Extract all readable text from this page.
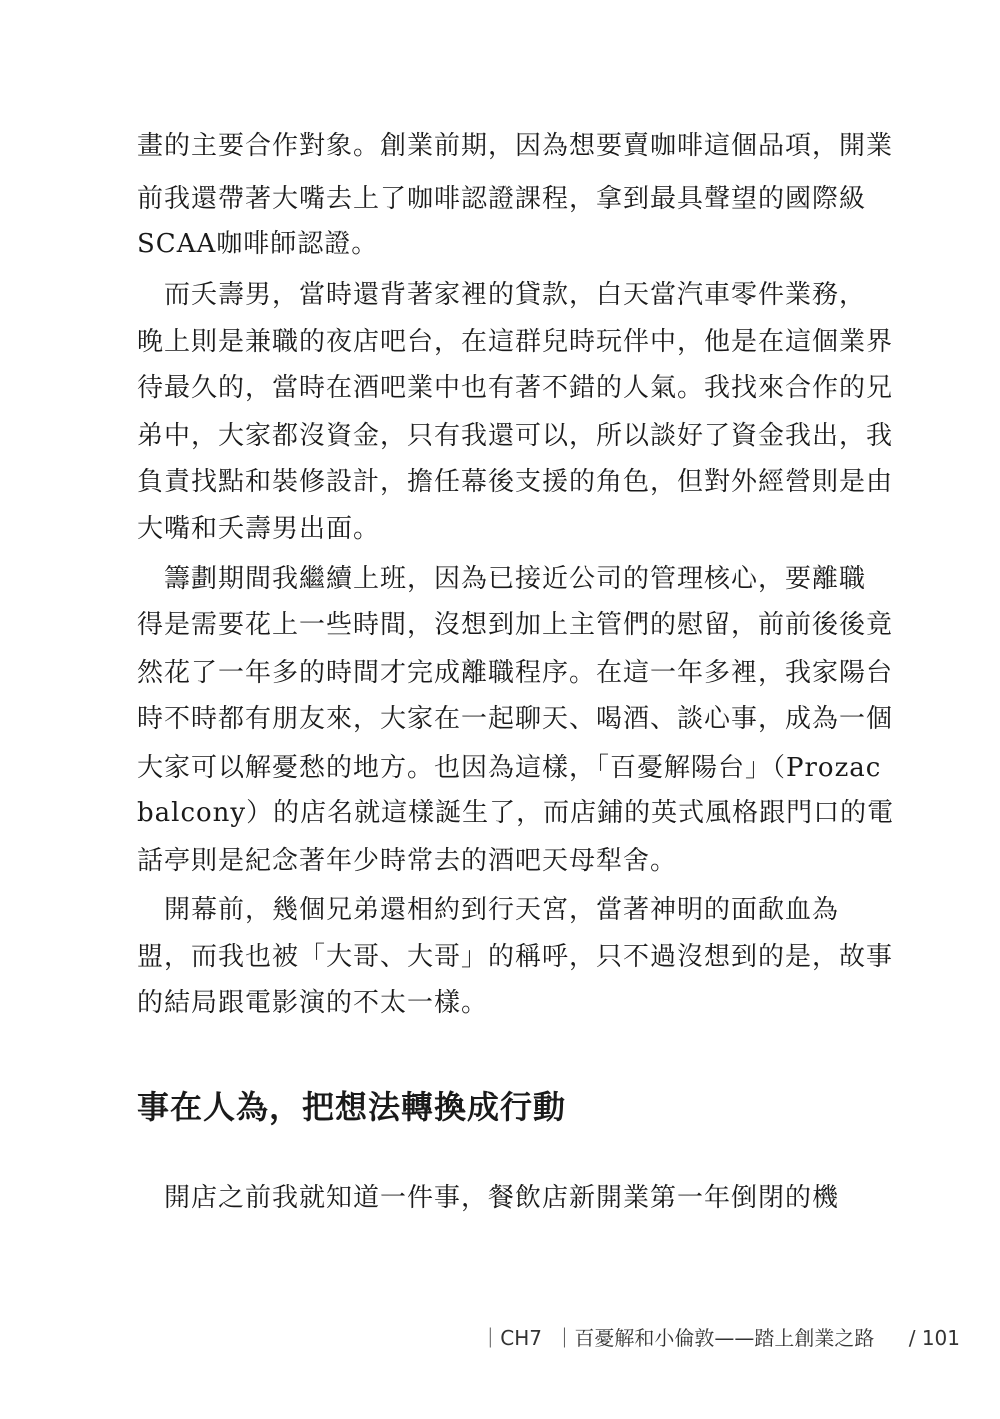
畫的主要合作對象。創業前期，因為想要賣咖啡這個品項，開業
前我還帶著大嘴去上了咖啡認證課程，拿到最具聲望的國際級
SCAA咖啡師認證。
　而夭壽男，當時還背著家裡的貸款，白天當汽車零件業務，
晚上則是兼職的夜店吧台，在這群兒時玩伴中，他是在這個業界
待最久的，當時在酒吧業中也有著不錯的人氣。我找來合作的兄
弟中，大家都沒資金，只有我還可以，所以談好了資金我出，我
負責找點和裝修設計，擔任幕後支援的角色，但對外經營則是由
大嘴和夭壽男出面。
　籌劃期間我繼續上班，因為已接近公司的管理核心，要離職
得是需要花上一些時間，沒想到加上主管們的慰留，前前後後竟
然花了一年多的時間才完成離職程序。在這一年多裡，我家陽台
時不時都有朋友來，大家在一起聊天、喝酒、談心事，成為一個
大家可以解憂愁的地方。也因為這樣，「百憂解陽台」（Prozac
balcony）的店名就這樣誕生了，而店鋪的英式風格跟門口的電
話亭則是紀念著年少時常去的酒吧天母犁舍。
　開幕前，幾個兄弟還相約到行天宮，當著神明的面歃血為
盟，而我也被「大哥、大哥」的稱呼，只不過沒想到的是，故事
的結局跟電影演的不太一樣。
事在人為，把想法轉換成行動
　開店之前我就知道一件事，餐飲店新開業第一年倒閉的機
｜CH7 ｜百憂解和小倫敦——踏上創業之路 / 101
